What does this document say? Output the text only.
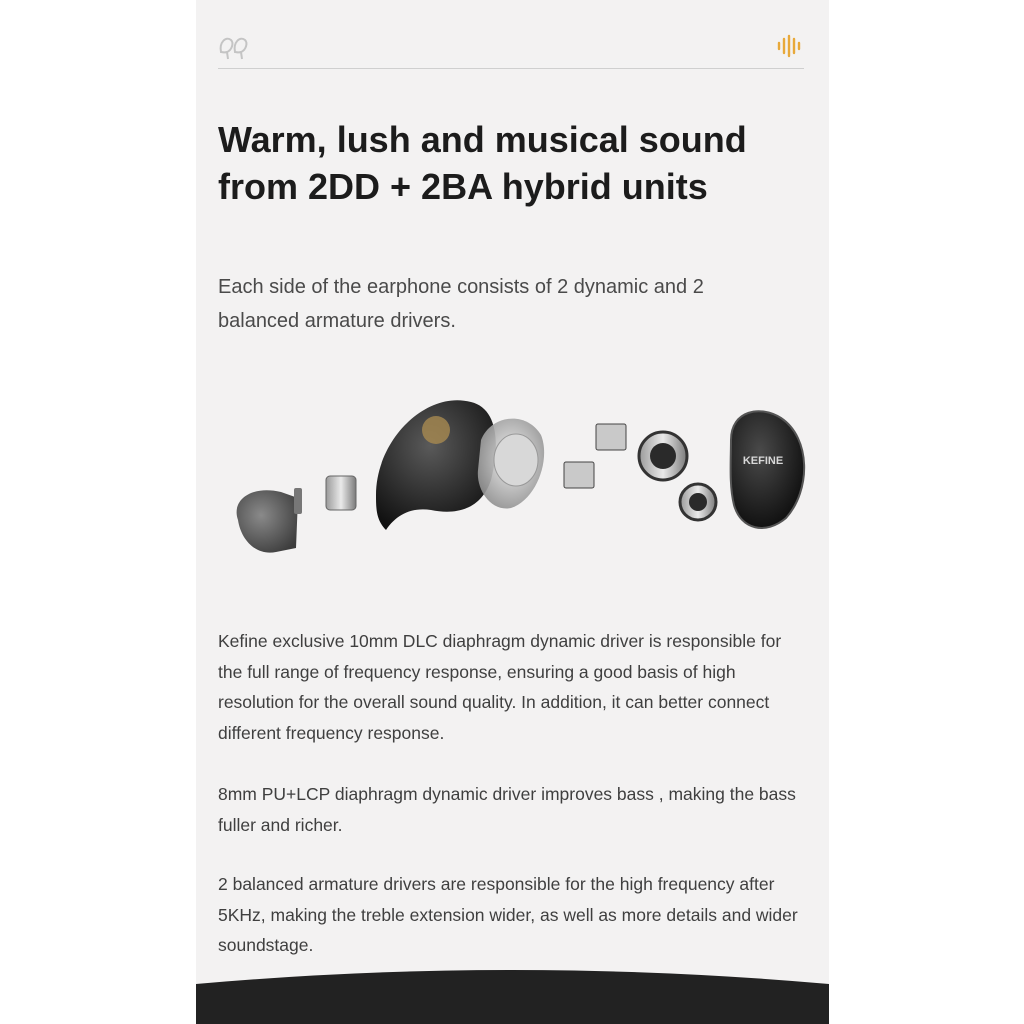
Warm, lush and musical sound from 2DD + 2BA hybrid units

Each side of the earphone consists of 2 dynamic and 2 balanced armature drivers.

KEFINE

Kefine exclusive 10mm DLC diaphragm dynamic driver is responsible for the full range of frequency response, ensuring a good basis of high resolution for the overall sound quality. In addition, it can better connect different frequency response.

8mm PU+LCP diaphragm dynamic driver improves bass , making the bass fuller and richer.

2 balanced armature drivers are responsible for the high frequency after 5KHz, making the treble extension wider, as well as more details and wider soundstage.
